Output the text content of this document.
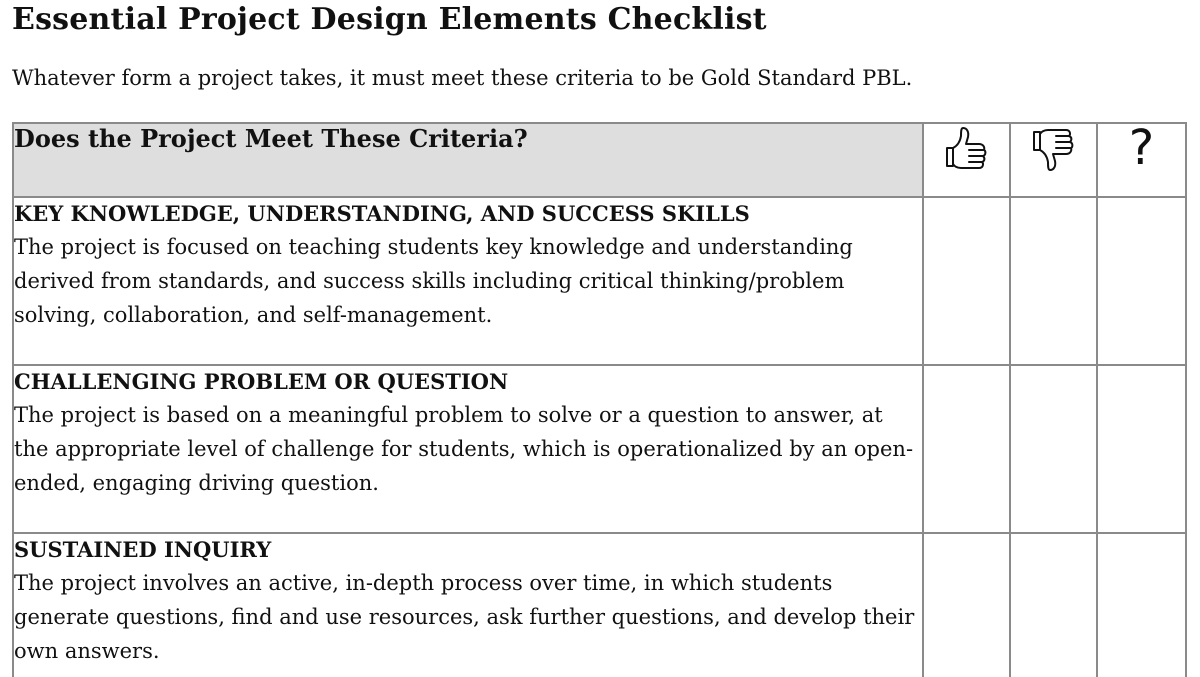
Essential Project Design Elements Checklist
Whatever form a project takes, it must meet these criteria to be Gold Standard PBL.
Does the Project Meet These Criteria?			?

KEY KNOWLEDGE, UNDERSTANDING, AND SUCCESS SKILLS
The project is focused on teaching students key knowledge and understanding derived from standards, and success skills including critical thinking/problem solving, collaboration, and self-management.			

CHALLENGING PROBLEM OR QUESTION
The project is based on a meaningful problem to solve or a question to answer, at the appropriate level of challenge for students, which is operationalized by an open-ended, engaging driving question.			

SUSTAINED INQUIRY
The project involves an active, in-depth process over time, in which students generate questions, find and use resources, ask further questions, and develop their own answers.			
